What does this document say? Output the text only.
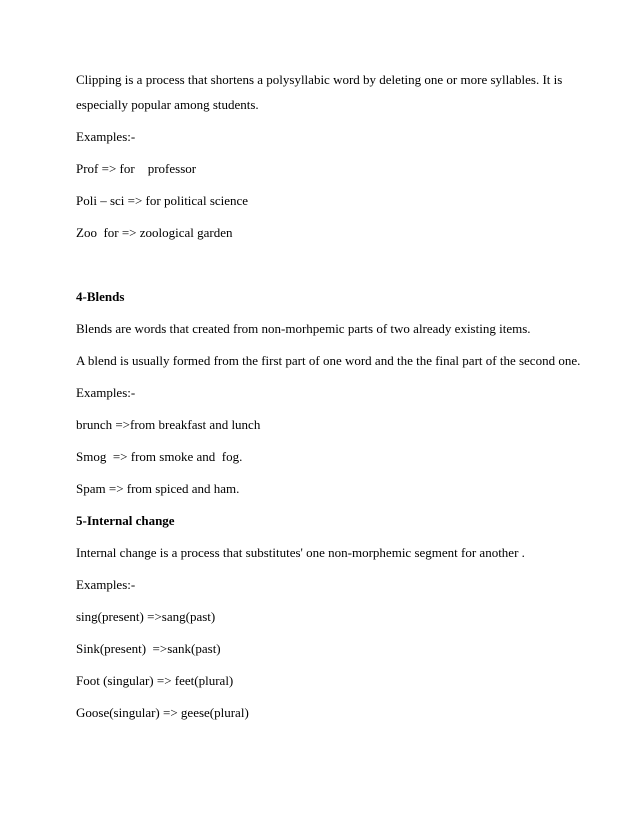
Clipping is a process that shortens a polysyllabic word by deleting one or more syllables. It is
especially popular among students.
Examples:-
Prof => for    professor
Poli – sci => for political science
Zoo  for => zoological garden
4-Blends
Blends are words that created from non-morhpemic parts of two already existing items.
A blend is usually formed from the first part of one word and the the final part of the second one.
Examples:-
brunch =>from breakfast and lunch
Smog  => from smoke and  fog.
Spam => from spiced and ham.
5-Internal change
Internal change is a process that substitutes' one non-morphemic segment for another .
Examples:-
sing(present) =>sang(past)
Sink(present)  =>sank(past)
Foot (singular) => feet(plural)
Goose(singular) => geese(plural)
